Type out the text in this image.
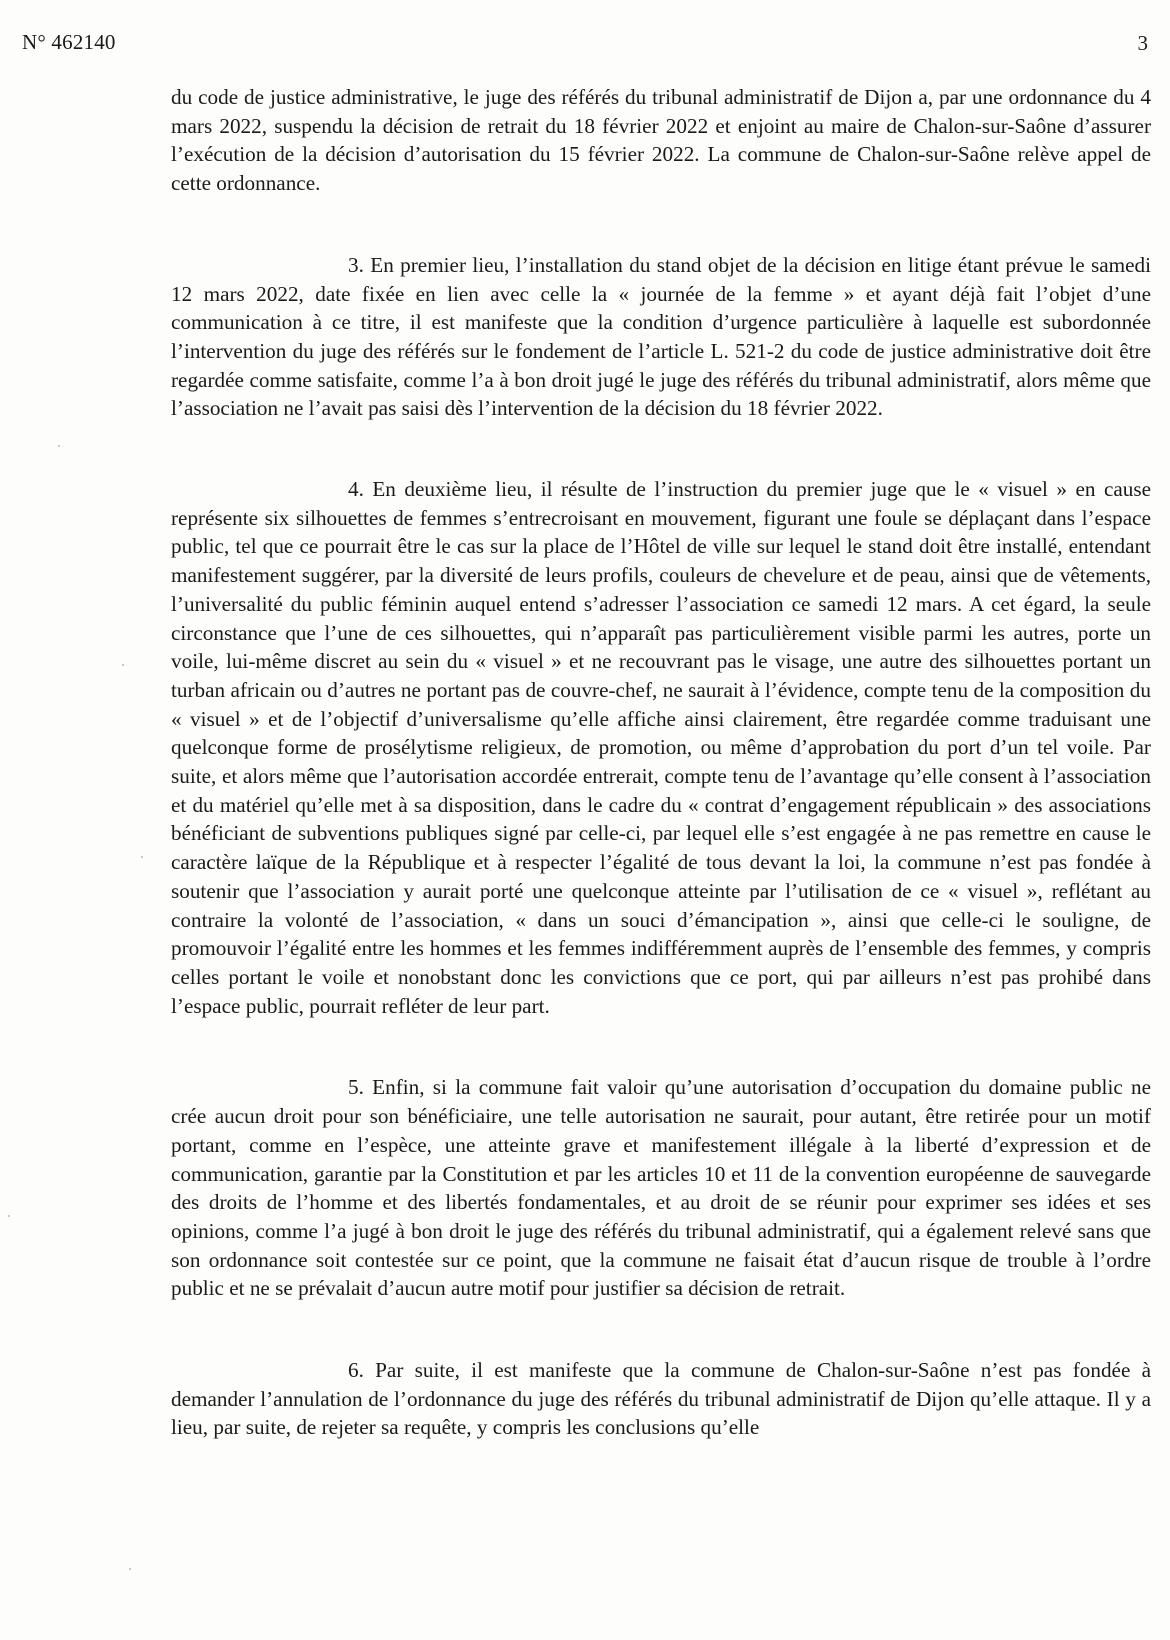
N° 462140	3

du code de justice administrative, le juge des référés du tribunal administratif de Dijon a, par une ordonnance du 4 mars 2022, suspendu la décision de retrait du 18 février 2022 et enjoint au maire de Chalon-sur-Saône d’assurer l’exécution de la décision d’autorisation du 15 février 2022. La commune de Chalon-sur-Saône relève appel de cette ordonnance.

3. En premier lieu, l’installation du stand objet de la décision en litige étant prévue le samedi 12 mars 2022, date fixée en lien avec celle la « journée de la femme » et ayant déjà fait l’objet d’une communication à ce titre, il est manifeste que la condition d’urgence particulière à laquelle est subordonnée l’intervention du juge des référés sur le fondement de l’article L. 521-2 du code de justice administrative doit être regardée comme satisfaite, comme l’a à bon droit jugé le juge des référés du tribunal administratif, alors même que l’association ne l’avait pas saisi dès l’intervention de la décision du 18 février 2022.

4. En deuxième lieu, il résulte de l’instruction du premier juge que le « visuel » en cause représente six silhouettes de femmes s’entrecroisant en mouvement, figurant une foule se déplaçant dans l’espace public, tel que ce pourrait être le cas sur la place de l’Hôtel de ville sur lequel le stand doit être installé, entendant manifestement suggérer, par la diversité de leurs profils, couleurs de chevelure et de peau, ainsi que de vêtements, l’universalité du public féminin auquel entend s’adresser l’association ce samedi 12 mars. A cet égard, la seule circonstance que l’une de ces silhouettes, qui n’apparaît pas particulièrement visible parmi les autres, porte un voile, lui-même discret au sein du « visuel » et ne recouvrant pas le visage, une autre des silhouettes portant un turban africain ou d’autres ne portant pas de couvre-chef, ne saurait à l’évidence, compte tenu de la composition du « visuel » et de l’objectif d’universalisme qu’elle affiche ainsi clairement, être regardée comme traduisant une quelconque forme de prosélytisme religieux, de promotion, ou même d’approbation du port d’un tel voile. Par suite, et alors même que l’autorisation accordée entrerait, compte tenu de l’avantage qu’elle consent à l’association et du matériel qu’elle met à sa disposition, dans le cadre du « contrat d’engagement républicain » des associations bénéficiant de subventions publiques signé par celle-ci, par lequel elle s’est engagée à ne pas remettre en cause le caractère laïque de la République et à respecter l’égalité de tous devant la loi, la commune n’est pas fondée à soutenir que l’association y aurait porté une quelconque atteinte par l’utilisation de ce « visuel », reflétant au contraire la volonté de l’association, « dans un souci d’émancipation », ainsi que celle-ci le souligne, de promouvoir l’égalité entre les hommes et les femmes indifféremment auprès de l’ensemble des femmes, y compris celles portant le voile et nonobstant donc les convictions que ce port, qui par ailleurs n’est pas prohibé dans l’espace public, pourrait refléter de leur part.

5. Enfin, si la commune fait valoir qu’une autorisation d’occupation du domaine public ne crée aucun droit pour son bénéficiaire, une telle autorisation ne saurait, pour autant, être retirée pour un motif portant, comme en l’espèce, une atteinte grave et manifestement illégale à la liberté d’expression et de communication, garantie par la Constitution et par les articles 10 et 11 de la convention européenne de sauvegarde des droits de l’homme et des libertés fondamentales, et au droit de se réunir pour exprimer ses idées et ses opinions, comme l’a jugé à bon droit le juge des référés du tribunal administratif, qui a également relevé sans que son ordonnance soit contestée sur ce point, que la commune ne faisait état d’aucun risque de trouble à l’ordre public et ne se prévalait d’aucun autre motif pour justifier sa décision de retrait.

6. Par suite, il est manifeste que la commune de Chalon-sur-Saône n’est pas fondée à demander l’annulation de l’ordonnance du juge des référés du tribunal administratif de Dijon qu’elle attaque. Il y a lieu, par suite, de rejeter sa requête, y compris les conclusions qu’elle
